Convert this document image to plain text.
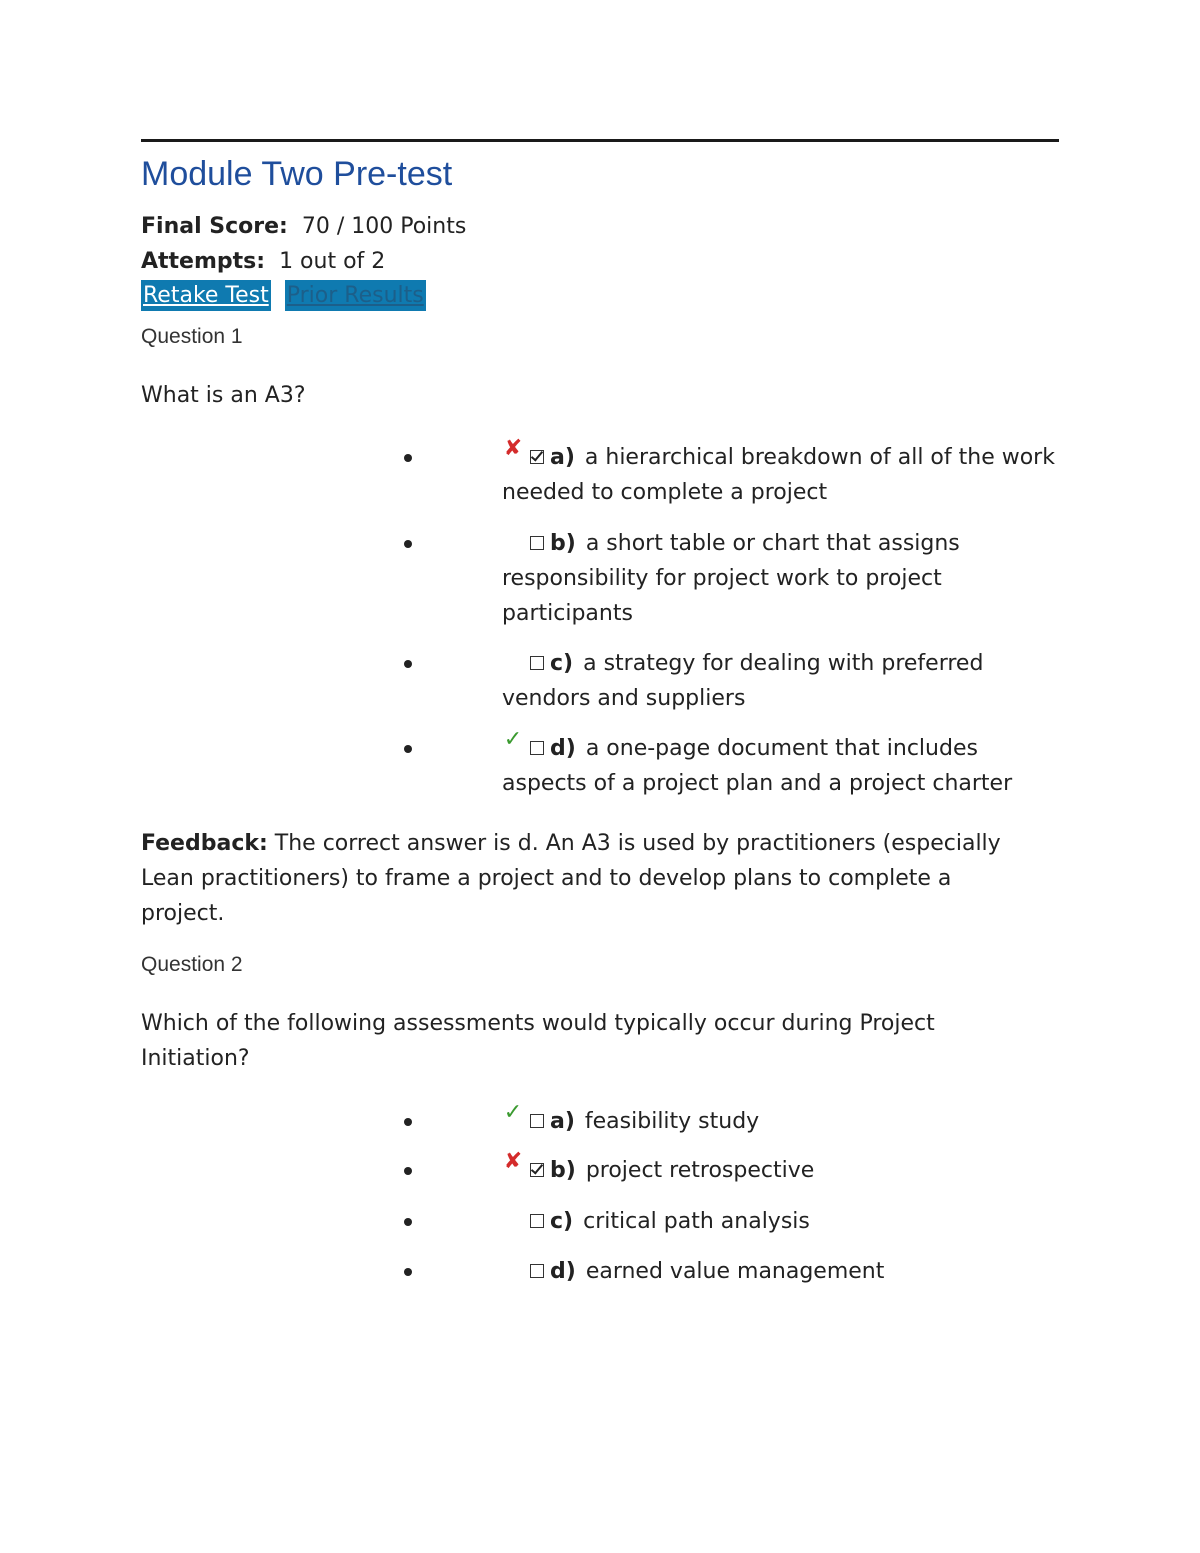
Module Two Pre-test
Final Score: 70 / 100 Points
Attempts: 1 out of 2
Retake Test Prior Results
Question 1
What is an A3?
✘ a) a hierarchical breakdown of all of the work needed to complete a project
b) a short table or chart that assigns responsibility for project work to project participants
c) a strategy for dealing with preferred vendors and suppliers
✓ d) a one-page document that includes aspects of a project plan and a project charter
Feedback: The correct answer is d. An A3 is used by practitioners (especially Lean practitioners) to frame a project and to develop plans to complete a project.
Question 2
Which of the following assessments would typically occur during Project Initiation?
✓ a) feasibility study
✘ b) project retrospective
c) critical path analysis
d) earned value management
